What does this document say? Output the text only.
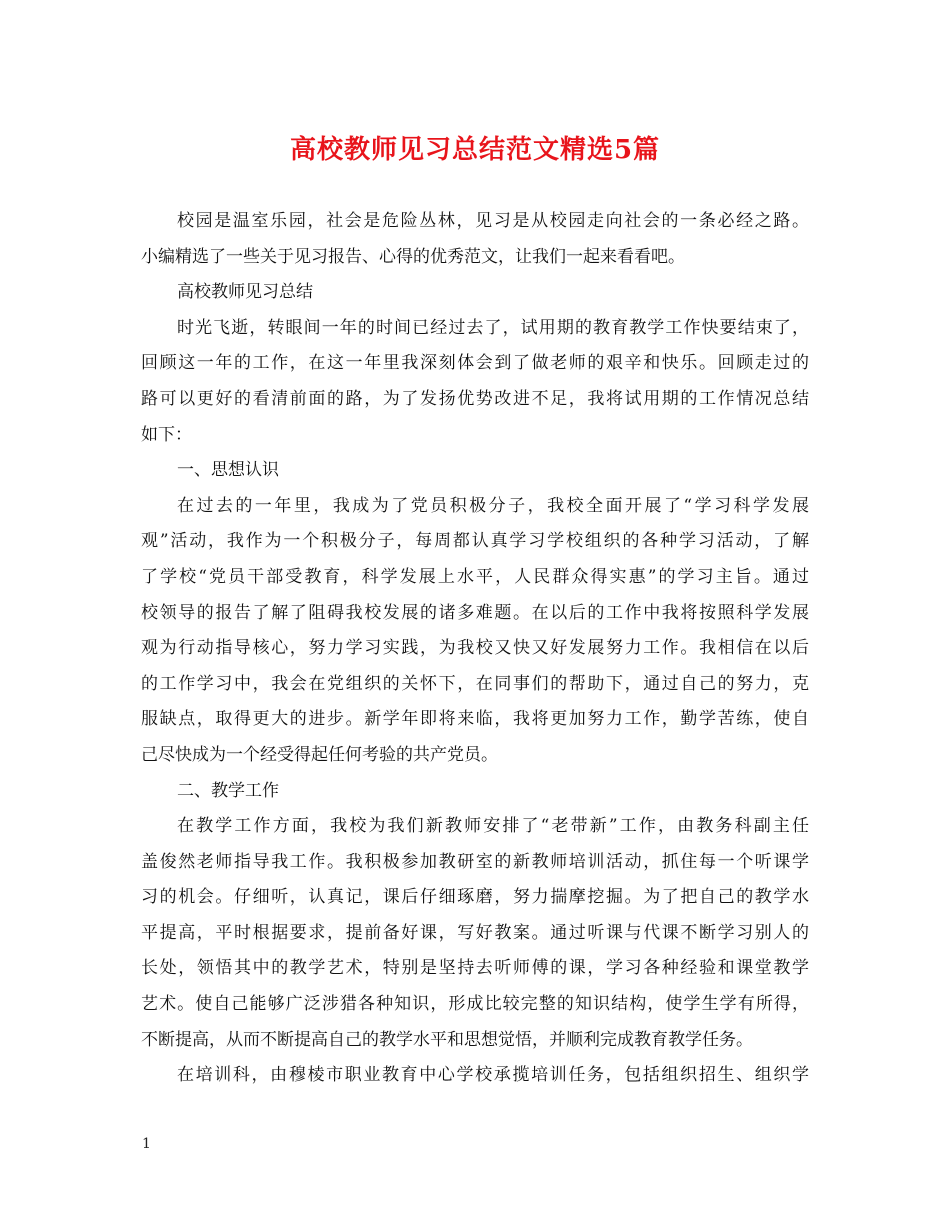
高校教师见习总结范文精选5篇
校园是温室乐园，社会是危险丛林，见习是从校园走向社会的一条必经之路。
小编精选了一些关于见习报告、心得的优秀范文，让我们一起来看看吧。
高校教师见习总结
时光飞逝，转眼间一年的时间已经过去了，试用期的教育教学工作快要结束了，
回顾这一年的工作，在这一年里我深刻体会到了做老师的艰辛和快乐。回顾走过的
路可以更好的看清前面的路，为了发扬优势改进不足，我将试用期的工作情况总结
如下：
一、思想认识
在过去的一年里，我成为了党员积极分子，我校全面开展了“学习科学发展
观”活动，我作为一个积极分子，每周都认真学习学校组织的各种学习活动，了解
了学校“党员干部受教育，科学发展上水平，人民群众得实惠”的学习主旨。通过
校领导的报告了解了阻碍我校发展的诸多难题。在以后的工作中我将按照科学发展
观为行动指导核心，努力学习实践，为我校又快又好发展努力工作。我相信在以后
的工作学习中，我会在党组织的关怀下，在同事们的帮助下，通过自己的努力，克
服缺点，取得更大的进步。新学年即将来临，我将更加努力工作，勤学苦练，使自
己尽快成为一个经受得起任何考验的共产党员。
二、教学工作
在教学工作方面，我校为我们新教师安排了“老带新”工作，由教务科副主任
盖俊然老师指导我工作。我积极参加教研室的新教师培训活动，抓住每一个听课学
习的机会。仔细听，认真记，课后仔细琢磨，努力揣摩挖掘。为了把自己的教学水
平提高，平时根据要求，提前备好课，写好教案。通过听课与代课不断学习别人的
长处，领悟其中的教学艺术，特别是坚持去听师傅的课，学习各种经验和课堂教学
艺术。使自己能够广泛涉猎各种知识，形成比较完整的知识结构，使学生学有所得，
不断提高，从而不断提高自己的教学水平和思想觉悟，并顺利完成教育教学任务。
在培训科，由穆棱市职业教育中心学校承揽培训任务，包括组织招生、组织学
1
